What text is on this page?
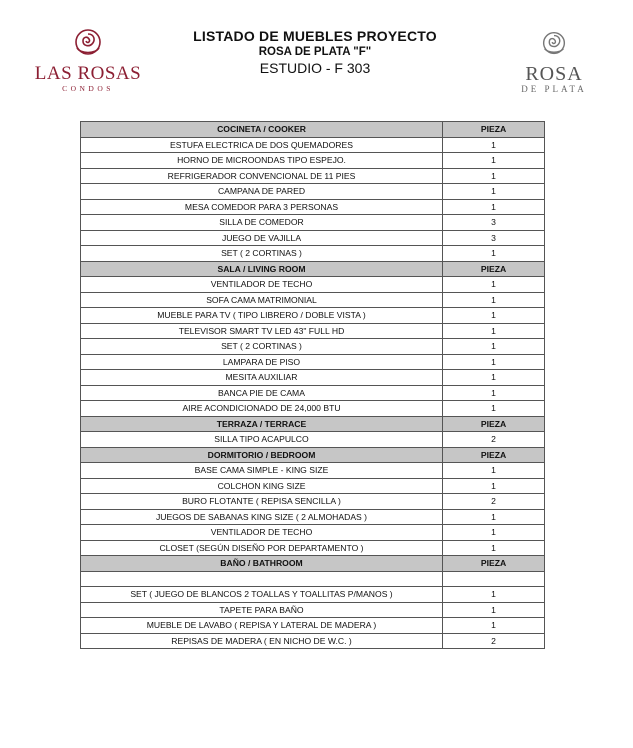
LAS ROSAS
CONDOS
LISTADO DE MUEBLES PROYECTO
ROSA DE PLATA "F"
ESTUDIO - F 303	ROSA
DE PLATA
COCINETA / COOKER	PIEZA
ESTUFA ELECTRICA DE DOS QUEMADORES	1
HORNO DE MICROONDAS TIPO ESPEJO.	1
REFRIGERADOR CONVENCIONAL DE 11 PIES	1
CAMPANA DE PARED	1
MESA COMEDOR PARA 3 PERSONAS	1
SILLA DE COMEDOR	3
JUEGO DE VAJILLA	3
SET ( 2 CORTINAS )	1
SALA / LIVING ROOM	PIEZA
VENTILADOR DE TECHO	1
SOFA CAMA MATRIMONIAL	1
MUEBLE PARA TV ( TIPO LIBRERO / DOBLE VISTA )	1
TELEVISOR SMART TV LED 43" FULL HD	1
SET ( 2 CORTINAS )	1
LAMPARA DE PISO	1
MESITA AUXILIAR	1
BANCA PIE DE CAMA	1
AIRE ACONDICIONADO DE 24,000 BTU	1
TERRAZA / TERRACE	PIEZA
SILLA TIPO ACAPULCO	2
DORMITORIO / BEDROOM	PIEZA
BASE CAMA SIMPLE - KING SIZE	1
COLCHON KING SIZE	1
BURO FLOTANTE ( REPISA SENCILLA )	2
JUEGOS DE SABANAS KING SIZE ( 2 ALMOHADAS )	1
VENTILADOR DE TECHO	1
CLOSET (SEGÚN DISEÑO POR DEPARTAMENTO )	1
BAÑO / BATHROOM	PIEZA

SET ( JUEGO DE BLANCOS 2 TOALLAS Y TOALLITAS P/MANOS )	1
TAPETE PARA BAÑO	1
MUEBLE DE LAVABO ( REPISA Y LATERAL DE MADERA )	1
REPISAS DE MADERA ( EN NICHO DE W.C. )	2
